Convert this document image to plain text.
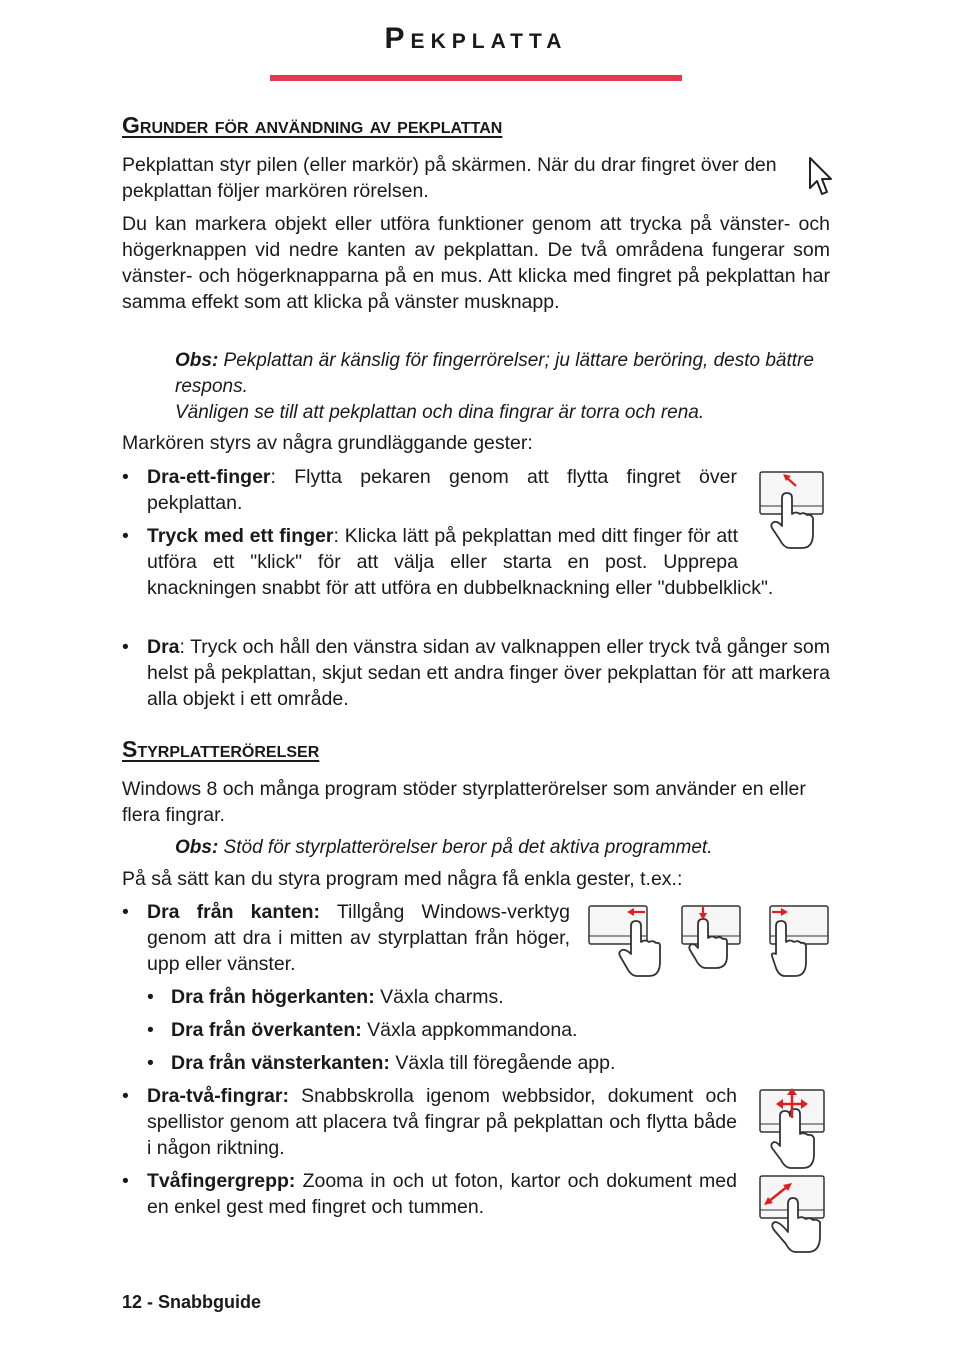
Pekplatta
Grunder för användning av pekplattan
Pekplattan styr pilen (eller markör) på skärmen. När du drar fingret över den pekplattan följer markören rörelsen.
Du kan markera objekt eller utföra funktioner genom att trycka på vänster- och högerknappen vid nedre kanten av pekplattan. De två områdena fungerar som vänster- och högerknapparna på en mus. Att klicka med fingret på pekplattan har samma effekt som att klicka på vänster musknapp.
Obs: Pekplattan är känslig för fingerrörelser; ju lättare beröring, desto bättre respons.
Vänligen se till att pekplattan och dina fingrar är torra och rena.
Markören styrs av några grundläggande gester:
• Dra-ett-finger: Flytta pekaren genom att flytta fingret över pekplattan.
• Tryck med ett finger: Klicka lätt på pekplattan med ditt finger för att utföra ett "klick" för att välja eller starta en post. Upprepa knackningen snabbt för att utföra en dubbelknackning eller "dubbelklick".
• Dra: Tryck och håll den vänstra sidan av valknappen eller tryck två gånger som helst på pekplattan, skjut sedan ett andra finger över pekplattan för att markera alla objekt i ett område.
Styrplatterörelser
Windows 8 och många program stöder styrplatterörelser som använder en eller flera fingrar.
Obs: Stöd för styrplatterörelser beror på det aktiva programmet.
På så sätt kan du styra program med några få enkla gester, t.ex.:
• Dra från kanten: Tillgång Windows-verktyg genom att dra i mitten av styrplattan från höger, upp eller vänster.
• Dra från högerkanten: Växla charms.
• Dra från överkanten: Växla appkommandona.
• Dra från vänsterkanten: Växla till föregående app.
• Dra-två-fingrar: Snabbskrolla igenom webbsidor, dokument och spellistor genom att placera två fingrar på pekplattan och flytta både i någon riktning.
• Tvåfingergrepp: Zooma in och ut foton, kartor och dokument med en enkel gest med fingret och tummen.
12 - Snabbguide
